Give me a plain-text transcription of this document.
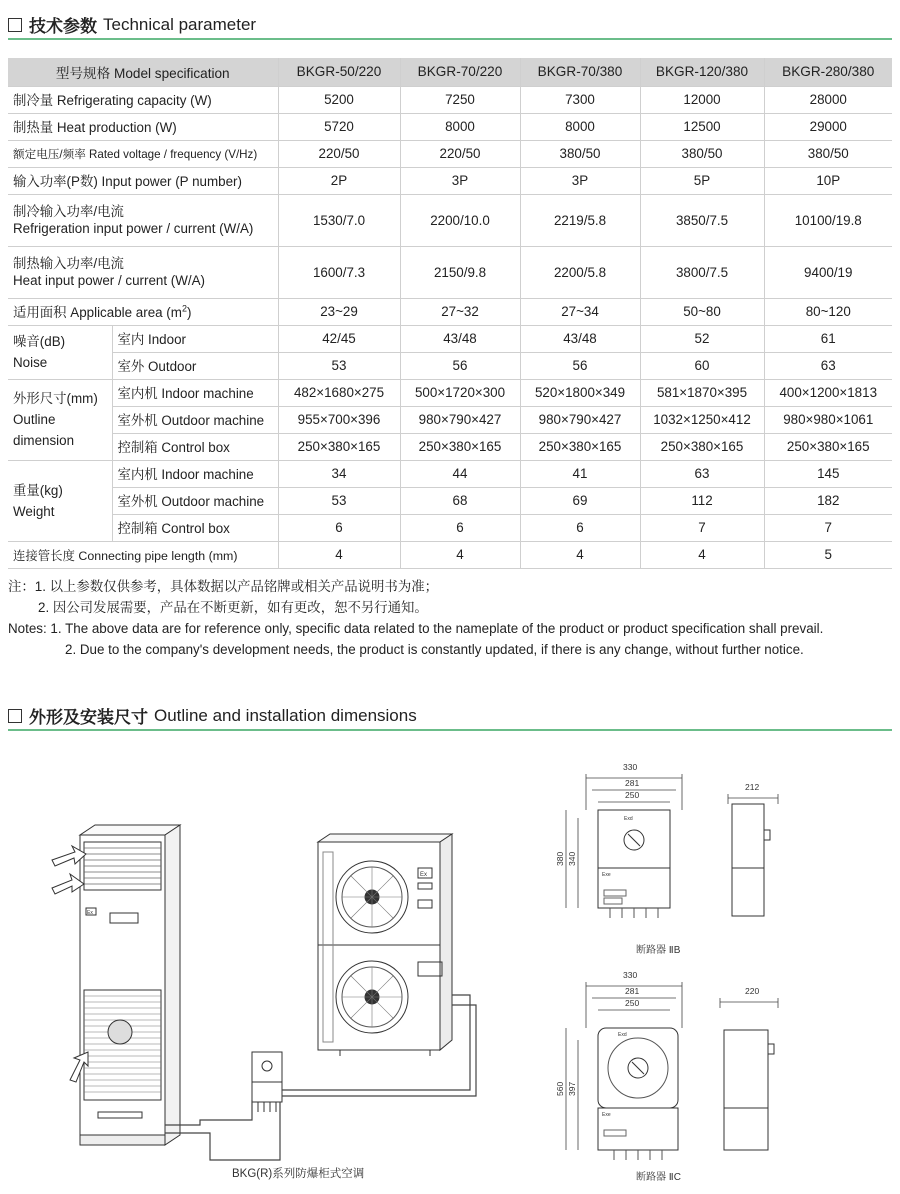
技术参数 Technical parameter
型号规格 Model specification		BKGR-50/220	BKGR-70/220	BKGR-70/380	BKGR-120/380	BKGR-280/380
制冷量 Refrigerating capacity (W)		5200	7250	7300	12000	28000
制热量 Heat production (W)		5720	8000	8000	12500	29000
额定电压/频率 Rated voltage / frequency (V/Hz)		220/50	220/50	380/50	380/50	380/50
输入功率(P数) Input power (P number)		2P	3P	3P	5P	10P

制冷输入功率/电流
Refrigeration input power / current (W/A)		1530/7.0	2200/10.0	2219/5.8	3850/7.5	10100/19.8

制热输入功率/电流
Heat input power / current (W/A)		1600/7.3	2150/9.8	2200/5.8	3800/7.5	9400/19
适用面积 Applicable area $(m^2)$		23~29	27~32	27~34	50~80	80~120

噪音(dB)
Noise	室内 Indoor	42/45	43/48	43/48	52	61
	室外 Outdoor	53	56	56	60	63

外形尺寸(mm)
Outline
dimension	室内机 Indoor machine	482×1680×275	500×1720×300	520×1800×349	581×1870×395	400×1200×1813
	室外机 Outdoor machine	955×700×396	980×790×427	980×790×427	1032×1250×412	980×980×1061
	控制箱 Control box	250×380×165	250×380×165	250×380×165	250×380×165	250×380×165

重量(kg)
Weight	室内机 Indoor machine	34	44	41	63	145
	室外机 Outdoor machine	53	68	69	112	182
	控制箱 Control box	6	6	6	7	7
连接管长度 Connecting pipe length (mm)		4	4	4	4	5
注：1. 以上参数仅供参考，具体数据以产品铭牌或相关产品说明书为准；
2. 因公司发展需要，产品在不断更新，如有更改，恕不另行通知。
Notes: 1. The above data are for reference only, specific data related to the nameplate of the product or product specification shall prevail.
2. Due to the company's development needs, the product is constantly updated, if there is any change, without further notice.
外形及安装尺寸 Outline and installation dimensions
Ex
Ex
BKG(R)系列防爆柜式空调
Exd
Exe
330
281
250
380 340
断路器 ⅡB
212
Exd
Exe
330
281
250
560 397
断路器 ⅡC
220
